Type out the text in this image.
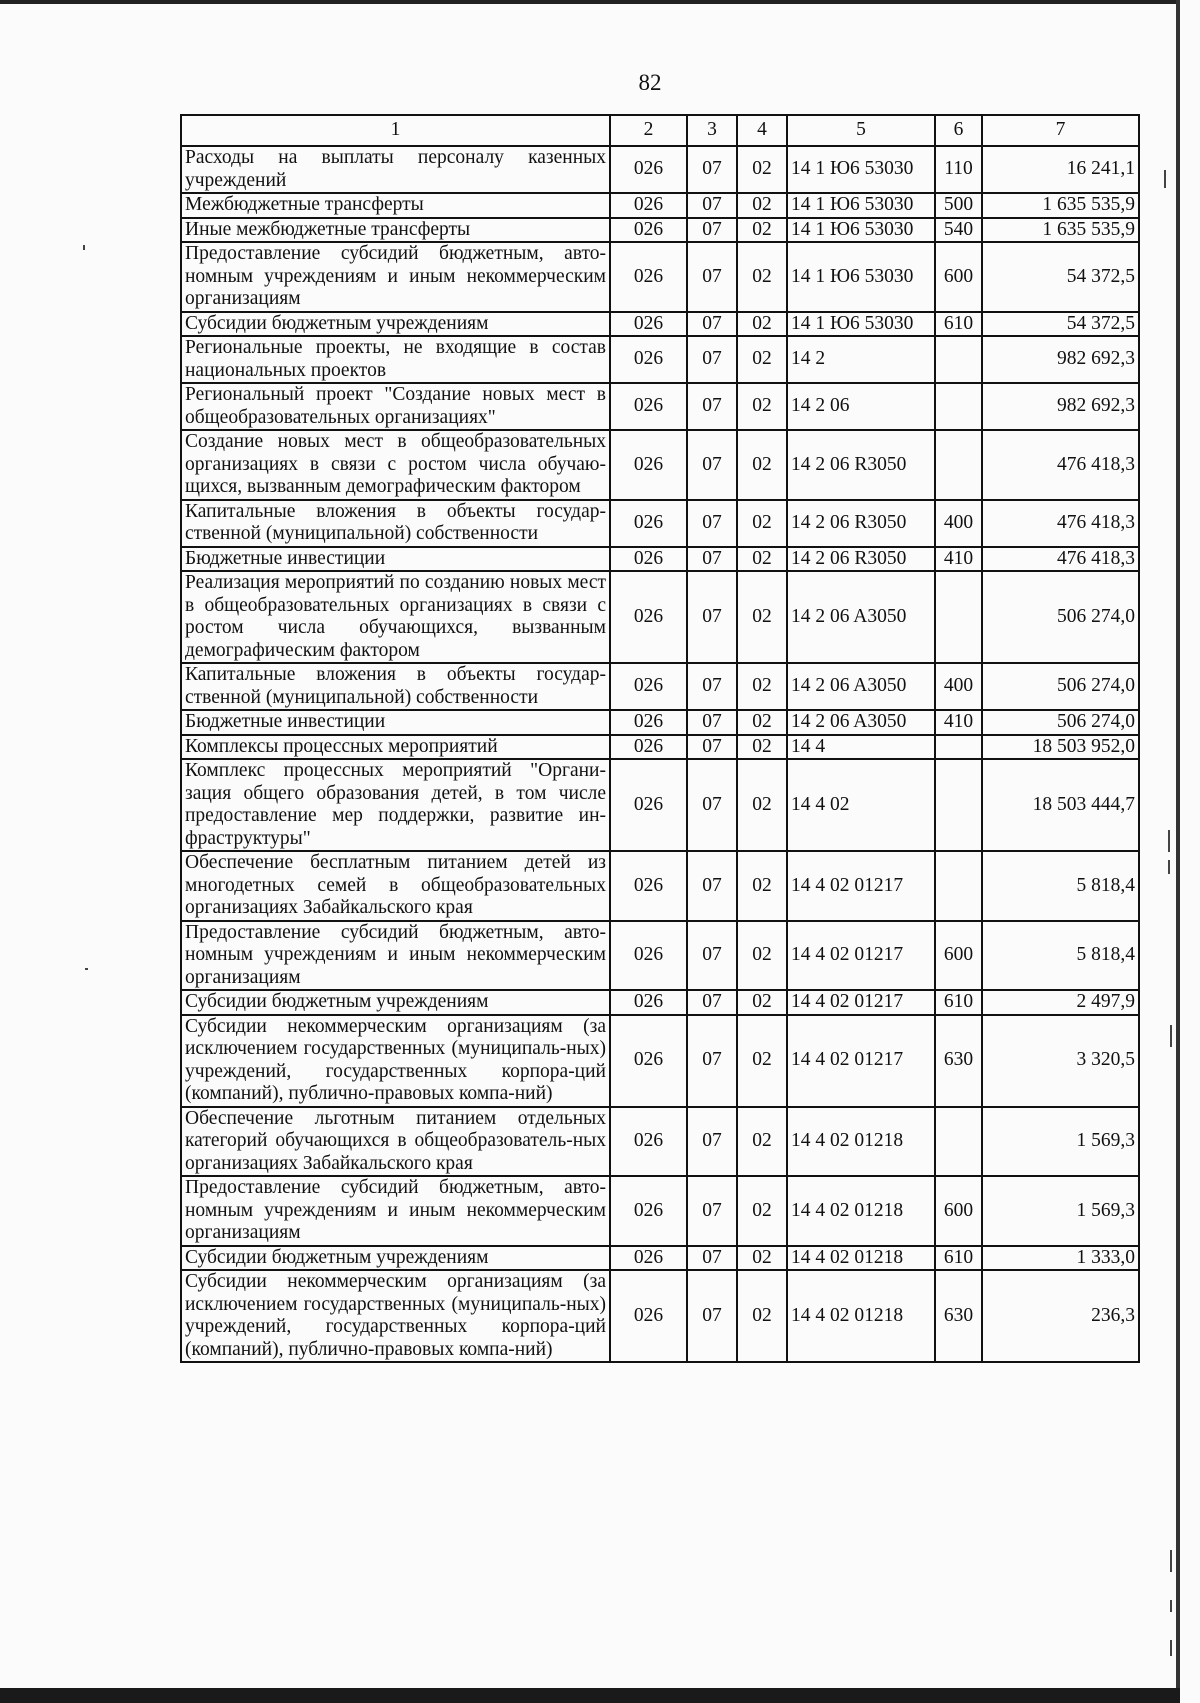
82
1	2	3	4	5	6	7
Расходы на выплаты персоналу казенных учреждений	026	07	02	14 1 Ю6 53030	110	16 241,1
Межбюджетные трансферты	026	07	02	14 1 Ю6 53030	500	1 635 535,9
Иные межбюджетные трансферты	026	07	02	14 1 Ю6 53030	540	1 635 535,9
Предоставление субсидий бюджетным, авто-номным учреждениям и иным некоммерческим организациям	026	07	02	14 1 Ю6 53030	600	54 372,5
Субсидии бюджетным учреждениям	026	07	02	14 1 Ю6 53030	610	54 372,5
Региональные проекты, не входящие в состав национальных проектов	026	07	02	14 2		982 692,3
Региональный проект "Создание новых мест в общеобразовательных организациях"	026	07	02	14 2 06		982 692,3
Создание новых мест в общеобразовательных организациях в связи с ростом числа обучаю-щихся, вызванным демографическим фактором	026	07	02	14 2 06 R3050		476 418,3
Капитальные вложения в объекты государ-ственной (муниципальной) собственности	026	07	02	14 2 06 R3050	400	476 418,3
Бюджетные инвестиции	026	07	02	14 2 06 R3050	410	476 418,3
Реализация мероприятий по созданию новых мест в общеобразовательных организациях в связи с ростом числа обучающихся, вызванным демографическим фактором	026	07	02	14 2 06 A3050		506 274,0
Капитальные вложения в объекты государ-ственной (муниципальной) собственности	026	07	02	14 2 06 A3050	400	506 274,0
Бюджетные инвестиции	026	07	02	14 2 06 A3050	410	506 274,0
Комплексы процессных мероприятий	026	07	02	14 4		18 503 952,0
Комплекс процессных мероприятий "Органи-зация общего образования детей, в том числе предоставление мер поддержки, развитие ин-фраструктуры"	026	07	02	14 4 02		18 503 444,7
Обеспечение бесплатным питанием детей из многодетных семей в общеобразовательных организациях Забайкальского края	026	07	02	14 4 02 01217		5 818,4
Предоставление субсидий бюджетным, авто-номным учреждениям и иным некоммерческим организациям	026	07	02	14 4 02 01217	600	5 818,4
Субсидии бюджетным учреждениям	026	07	02	14 4 02 01217	610	2 497,9
Субсидии некоммерческим организациям (за исключением государственных (муниципаль-ных) учреждений, государственных корпора-ций (компаний), публично-правовых компа-ний)	026	07	02	14 4 02 01217	630	3 320,5
Обеспечение льготным питанием отдельных категорий обучающихся в общеобразователь-ных организациях Забайкальского края	026	07	02	14 4 02 01218		1 569,3
Предоставление субсидий бюджетным, авто-номным учреждениям и иным некоммерческим организациям	026	07	02	14 4 02 01218	600	1 569,3
Субсидии бюджетным учреждениям	026	07	02	14 4 02 01218	610	1 333,0
Субсидии некоммерческим организациям (за исключением государственных (муниципаль-ных) учреждений, государственных корпора-ций (компаний), публично-правовых компа-ний)	026	07	02	14 4 02 01218	630	236,3
